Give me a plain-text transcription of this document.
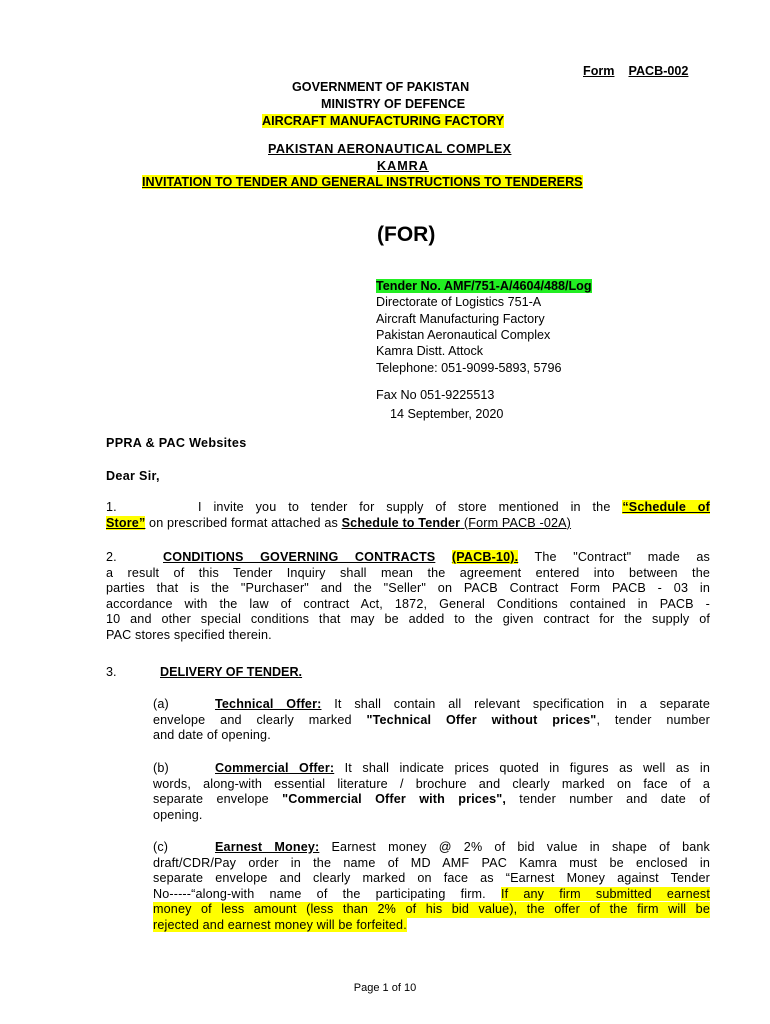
Form PACB-002
GOVERNMENT OF PAKISTAN
MINISTRY OF DEFENCE
AIRCRAFT MANUFACTURING FACTORY
PAKISTAN AERONAUTICAL COMPLEX
KAMRA
INVITATION TO TENDER AND GENERAL INSTRUCTIONS TO TENDERERS
(FOR)
Tender No. AMF/751-A/4604/488/Log
Directorate of Logistics 751-A
Aircraft Manufacturing Factory
Pakistan Aeronautical Complex
Kamra Distt. Attock
Telephone: 051-9099-5893, 5796
Fax No 051-9225513
14 September, 2020
PPRA & PAC Websites
Dear Sir,
1.	I invite you to tender for supply of store mentioned in the “Schedule of
Store” on prescribed format attached as Schedule to Tender (Form PACB -02A)
2.	CONDITIONS GOVERNING CONTRACTS (PACB-10). The "Contract" made as
a result of this Tender Inquiry shall mean the agreement entered into between the
parties that is the "Purchaser" and the "Seller" on PACB Contract Form PACB - 03 in
accordance with the law of contract Act, 1872, General Conditions contained in PACB -
10 and other special conditions that may be added to the given contract for the supply of
PAC stores specified therein.
3.	DELIVERY OF TENDER.
(a)	Technical Offer: It shall contain all relevant specification in a separate
envelope and clearly marked "Technical Offer without prices", tender number
and date of opening.
(b)	Commercial Offer: It shall indicate prices quoted in figures as well as in
words, along-with essential literature / brochure and clearly marked on face of a
separate envelope "Commercial Offer with prices", tender number and date of
opening.
(c)	Earnest Money: Earnest money @ 2% of bid value in shape of bank
draft/CDR/Pay order in the name of MD AMF PAC Kamra must be enclosed in
separate envelope and clearly marked on face as “Earnest Money against Tender
No-----“along-with name of the participating firm. If any firm submitted earnest
money of less amount (less than 2% of his bid value), the offer of the firm will be
rejected and earnest money will be forfeited.
Page 1 of 10
